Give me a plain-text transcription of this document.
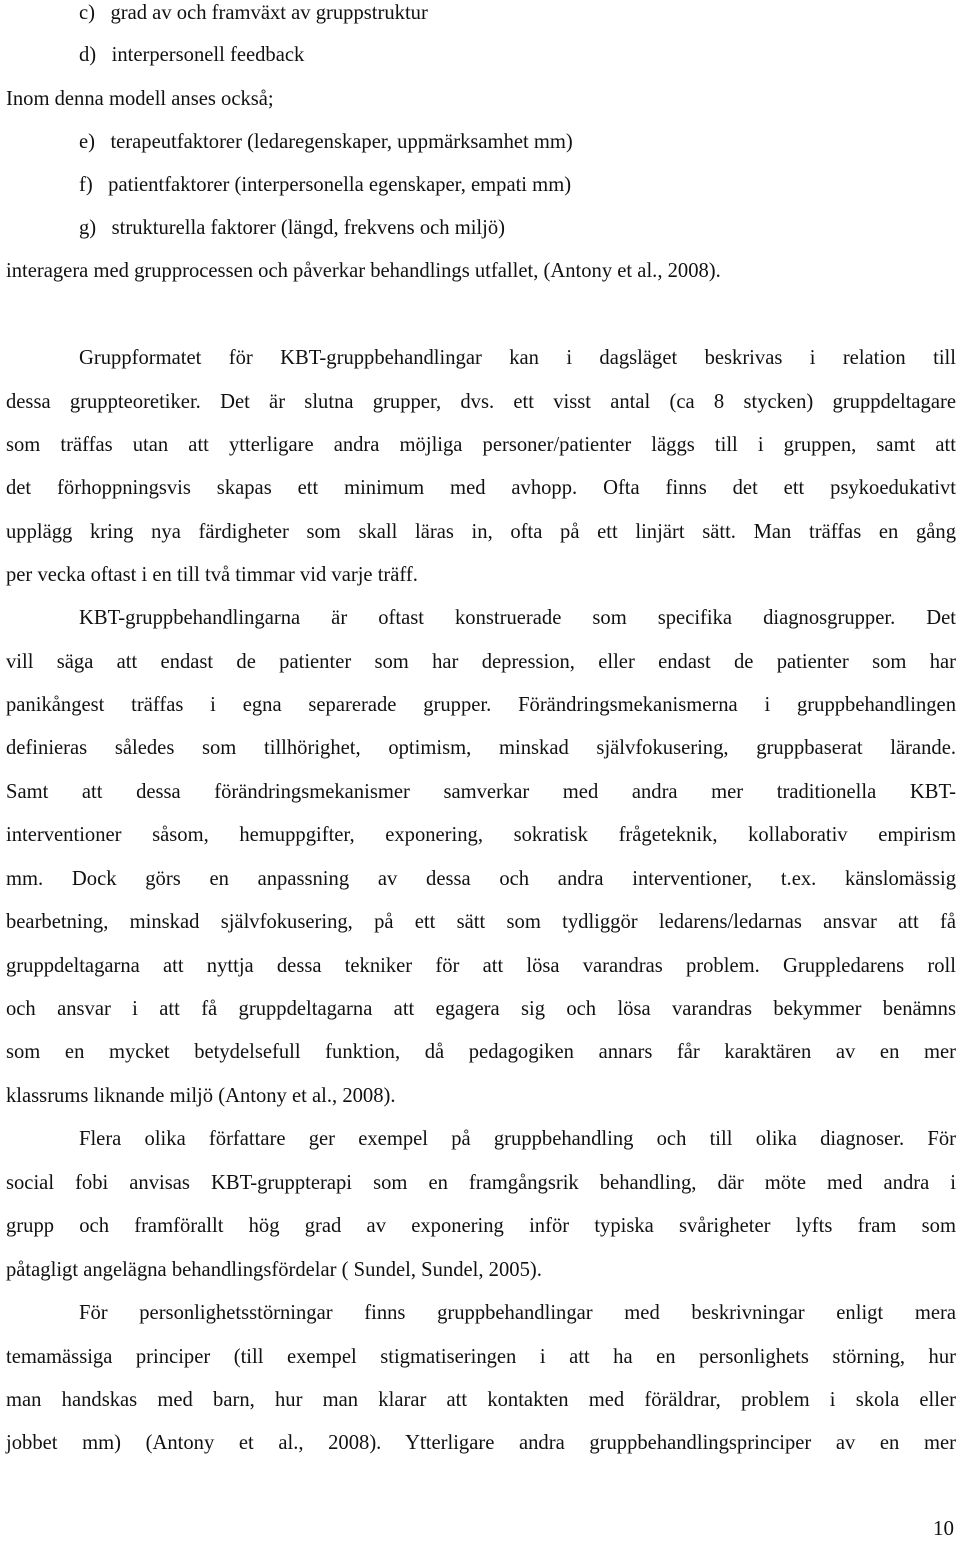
c)   grad av och framväxt av gruppstruktur
d)   interpersonell feedback
Inom denna modell anses också;
e)   terapeutfaktorer (ledaregenskaper, uppmärksamhet mm)
f)   patientfaktorer (interpersonella egenskaper, empati mm)
g)   strukturella faktorer (längd, frekvens och miljö)
interagera med grupprocessen och påverkar behandlings utfallet, (Antony et al., 2008).
Gruppformatet för KBT-gruppbehandlingar kan i dagsläget beskrivas i relation till
dessa gruppteoretiker. Det är slutna grupper, dvs. ett visst antal (ca 8 stycken) gruppdeltagare
som träffas utan att ytterligare andra möjliga personer/patienter läggs till i gruppen, samt att
det förhoppningsvis skapas ett minimum med avhopp. Ofta finns det ett psykoedukativt
upplägg kring nya färdigheter som skall läras in, ofta på ett linjärt sätt. Man träffas en gång
per vecka oftast i en till två timmar vid varje träff.
KBT-gruppbehandlingarna är oftast konstruerade som specifika diagnosgrupper. Det
vill säga att endast de patienter som har depression, eller endast de patienter som har
panikångest träffas i egna separerade grupper. Förändringsmekanismerna i gruppbehandlingen
definieras således som tillhörighet, optimism, minskad självfokusering, gruppbaserat lärande.
Samt att dessa förändringsmekanismer samverkar med andra mer traditionella KBT-
interventioner såsom, hemuppgifter, exponering, sokratisk frågeteknik, kollaborativ empirism
mm. Dock görs en anpassning av dessa och andra interventioner, t.ex. känslomässig
bearbetning, minskad självfokusering, på ett sätt som tydliggör ledarens/ledarnas ansvar att få
gruppdeltagarna att nyttja dessa tekniker för att lösa varandras problem. Gruppledarens roll
och ansvar i att få gruppdeltagarna att egagera sig och lösa varandras bekymmer benämns
som en mycket betydelsefull funktion, då pedagogiken annars får karaktären av en mer
klassrums liknande miljö (Antony et al., 2008).
Flera olika författare ger exempel på gruppbehandling och till olika diagnoser. För
social fobi anvisas KBT-gruppterapi som en framgångsrik behandling, där möte med andra i
grupp och framförallt hög grad av exponering inför typiska svårigheter lyfts fram som
påtagligt angelägna behandlingsfördelar ( Sundel, Sundel, 2005).
För personlighetsstörningar finns gruppbehandlingar med beskrivningar enligt mera
temamässiga principer (till exempel stigmatiseringen i att ha en personlighets störning, hur
man handskas med barn, hur man klarar att kontakten med föräldrar, problem i skola eller
jobbet mm) (Antony et al., 2008). Ytterligare andra gruppbehandlingsprinciper av en mer
10
